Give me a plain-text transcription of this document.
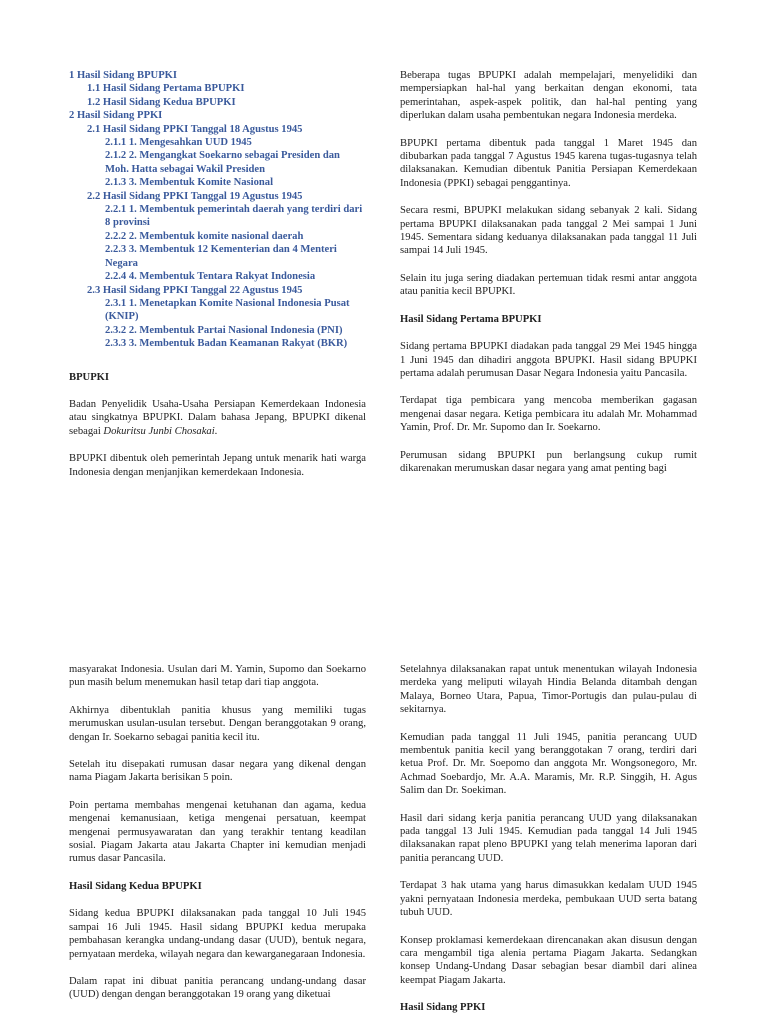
1 Hasil Sidang BPUPKI
1.1 Hasil Sidang Pertama BPUPKI
1.2 Hasil Sidang Kedua BPUPKI
2 Hasil Sidang PPKI
2.1 Hasil Sidang PPKI Tanggal 18 Agustus 1945
2.1.1 1. Mengesahkan UUD 1945
2.1.2 2. Mengangkat Soekarno sebagai Presiden dan Moh. Hatta sebagai Wakil Presiden
2.1.3 3. Membentuk Komite Nasional
2.2 Hasil Sidang PPKI Tanggal 19 Agustus 1945
2.2.1 1. Membentuk pemerintah daerah yang terdiri dari 8 provinsi
2.2.2 2. Membentuk komite nasional daerah
2.2.3 3. Membentuk 12 Kementerian dan 4 Menteri Negara
2.2.4 4. Membentuk Tentara Rakyat Indonesia
2.3 Hasil Sidang PPKI Tanggal 22 Agustus 1945
2.3.1 1. Menetapkan Komite Nasional Indonesia Pusat (KNIP)
2.3.2 2. Membentuk Partai Nasional Indonesia (PNI)
2.3.3 3. Membentuk Badan Keamanan Rakyat (BKR)
BPUPKI

Badan Penyelidik Usaha-Usaha Persiapan Kemerdekaan Indonesia atau singkatnya BPUPKI. Dalam bahasa Jepang, BPUPKI dikenal sebagai Dokuritsu Junbi Chosakai.

BPUPKI dibentuk oleh pemerintah Jepang untuk menarik hati warga Indonesia dengan menjanjikan kemerdekaan Indonesia.

Beberapa tugas BPUPKI adalah mempelajari, menyelidiki dan mempersiapkan hal-hal yang berkaitan dengan ekonomi, tata pemerintahan, aspek-aspek politik, dan hal-hal penting yang diperlukan dalam usaha pembentukan negara Indonesia merdeka.

BPUPKI pertama dibentuk pada tanggal 1 Maret 1945 dan dibubarkan pada tanggal 7 Agustus 1945 karena tugas-tugasnya telah dilaksanakan. Kemudian dibentuk Panitia Persiapan Kemerdekaan Indonesia (PPKI) sebagai penggantinya.

Secara resmi, BPUPKI melakukan sidang sebanyak 2 kali. Sidang pertama BPUPKI dilaksanakan pada tanggal 2 Mei sampai 1 Juni 1945. Sementara sidang keduanya dilaksanakan pada tanggal 11 Juli sampai 14 Juli 1945.

Selain itu juga sering diadakan pertemuan tidak resmi antar anggota atau panitia kecil BPUPKI.

Hasil Sidang Pertama BPUPKI

Sidang pertama BPUPKI diadakan pada tanggal 29 Mei 1945 hingga 1 Juni 1945 dan dihadiri anggota BPUPKI. Hasil sidang BPUPKI pertama adalah perumusan Dasar Negara Indonesia yaitu Pancasila.

Terdapat tiga pembicara yang mencoba memberikan gagasan mengenai dasar negara. Ketiga pembicara itu adalah Mr. Mohammad Yamin, Prof. Dr. Mr. Supomo dan Ir. Soekarno.

Perumusan sidang BPUPKI pun berlangsung cukup rumit dikarenakan merumuskan dasar negara yang amat penting bagi

masyarakat Indonesia. Usulan dari M. Yamin, Supomo dan Soekarno pun masih belum menemukan hasil tetap dari tiap anggota.

Akhirnya dibentuklah panitia khusus yang memiliki tugas merumuskan usulan-usulan tersebut. Dengan beranggotakan 9 orang, dengan Ir. Soekarno sebagai panitia kecil itu.

Setelah itu disepakati rumusan dasar negara yang dikenal dengan nama Piagam Jakarta berisikan 5 poin.

Poin pertama membahas mengenai ketuhanan dan agama, kedua mengenai kemanusiaan, ketiga mengenai persatuan, keempat mengenai permusyawaratan dan yang terakhir tentang keadilan sosial. Piagam Jakarta atau Jakarta Chapter ini kemudian menjadi rumus dasar Pancasila.

Hasil Sidang Kedua BPUPKI

Sidang kedua BPUPKI dilaksanakan pada tanggal 10 Juli 1945 sampai 16 Juli 1945. Hasil sidang BPUPKI kedua merupaka pembahasan kerangka undang-undang dasar (UUD), bentuk negara, pernyataan merdeka, wilayah negara dan kewarganegaraan Indonesia.

Dalam rapat ini dibuat panitia perancang undang-undang dasar (UUD) dengan dengan beranggotakan 19 orang yang diketuai

Setelahnya dilaksanakan rapat untuk menentukan wilayah Indonesia merdeka yang meliputi wilayah Hindia Belanda ditambah dengan Malaya, Borneo Utara, Papua, Timor-Portugis dan pulau-pulau di sekitarnya.

Kemudian pada tanggal 11 Juli 1945, panitia perancang UUD membentuk panitia kecil yang beranggotakan 7 orang, terdiri dari ketua Prof. Dr. Mr. Soepomo dan anggota Mr. Wongsonegoro, Mr. Achmad Soebardjo, Mr. A.A. Maramis, Mr. R.P. Singgih, H. Agus Salim dan Dr. Soekiman.

Hasil dari sidang kerja panitia perancang UUD yang dilaksanakan pada tanggal 13 Juli 1945. Kemudian pada tanggal 14 Juli 1945 dilaksanakan rapat pleno BPUPKI yang telah menerima laporan dari panitia perancang UUD.

Terdapat 3 hak utama yang harus dimasukkan kedalam UUD 1945 yakni pernyataan Indonesia merdeka, pembukaan UUD serta batang tubuh UUD.

Konsep proklamasi kemerdekaan direncanakan akan disusun dengan cara mengambil tiga alenia pertama Piagam Jakarta. Sedangkan konsep Undang-Undang Dasar sebagian besar diambil dari alinea keempat Piagam Jakarta.

Hasil Sidang PPKI
